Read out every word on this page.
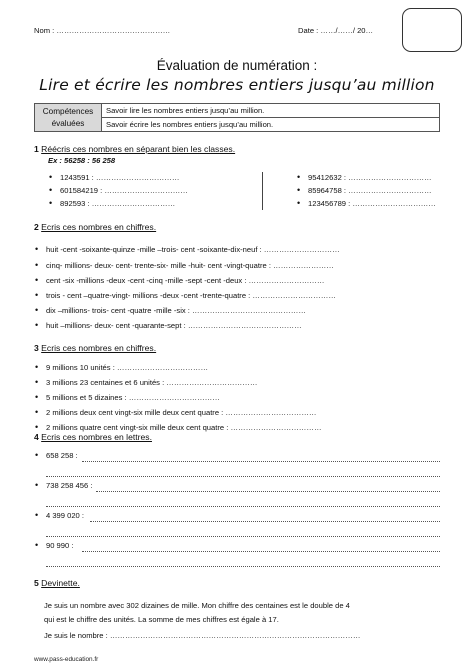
Nom : ………………………………………	Date : ……/……/ 20…
Évaluation de numération :
Lire et écrire les nombres entiers jusqu’au million
Compétences
évaluées	Savoir lire les nombres entiers jusqu’au million.
Savoir écrire les nombres entiers jusqu’au million.
1 Réécris ces nombres en séparant bien les classes.
Ex : 56258 : 56 258
• 1243591 : ……………………………
• 601584219 : ……………………………
• 892593 : ……………………………
• 95412632 : ……………………………
• 85964758 : ……………………………
• 123456789 : ……………………………
2 Ecris ces nombres en chiffres.
• huit -cent -soixante-quinze -mille –trois- cent -soixante-dix-neuf : …………………………
• cinq- millions- deux- cent- trente-six- mille -huit- cent -vingt-quatre : ……………………
• cent -six -millions -deux -cent -cinq -mille -sept -cent -deux : …………………………
• trois - cent –quatre-vingt- millions -deux -cent -trente-quatre : ……………………………
• dix –millions- trois- cent -quatre -mille -six : ………………………………………
• huit –millions- deux- cent -quarante-sept : ………………………………………
3 Ecris ces nombres en chiffres.
• 9 millions 10 unités : ………………………………
• 3 millions 23 centaines et 6 unités : ………………………………
• 5 millions et 5 dizaines : ………………………………
• 2 millions deux cent vingt-six mille deux cent quatre : ………………………………
• 2 millions quatre cent vingt-six mille deux cent quatre : ………………………………
4 Ecris ces nombres en lettres.
• 658 258 :
• 738 258 456 :
• 4 399 020 :
• 90 990 :
5 Devinette.
Je suis un nombre avec 302 dizaines de mille. Mon chiffre des centaines est le double de 4
qui est le chiffre des unités. La somme de mes chiffres est égale à 17.
Je suis le nombre : ………………………………………………………………………………………
www.pass-education.fr
